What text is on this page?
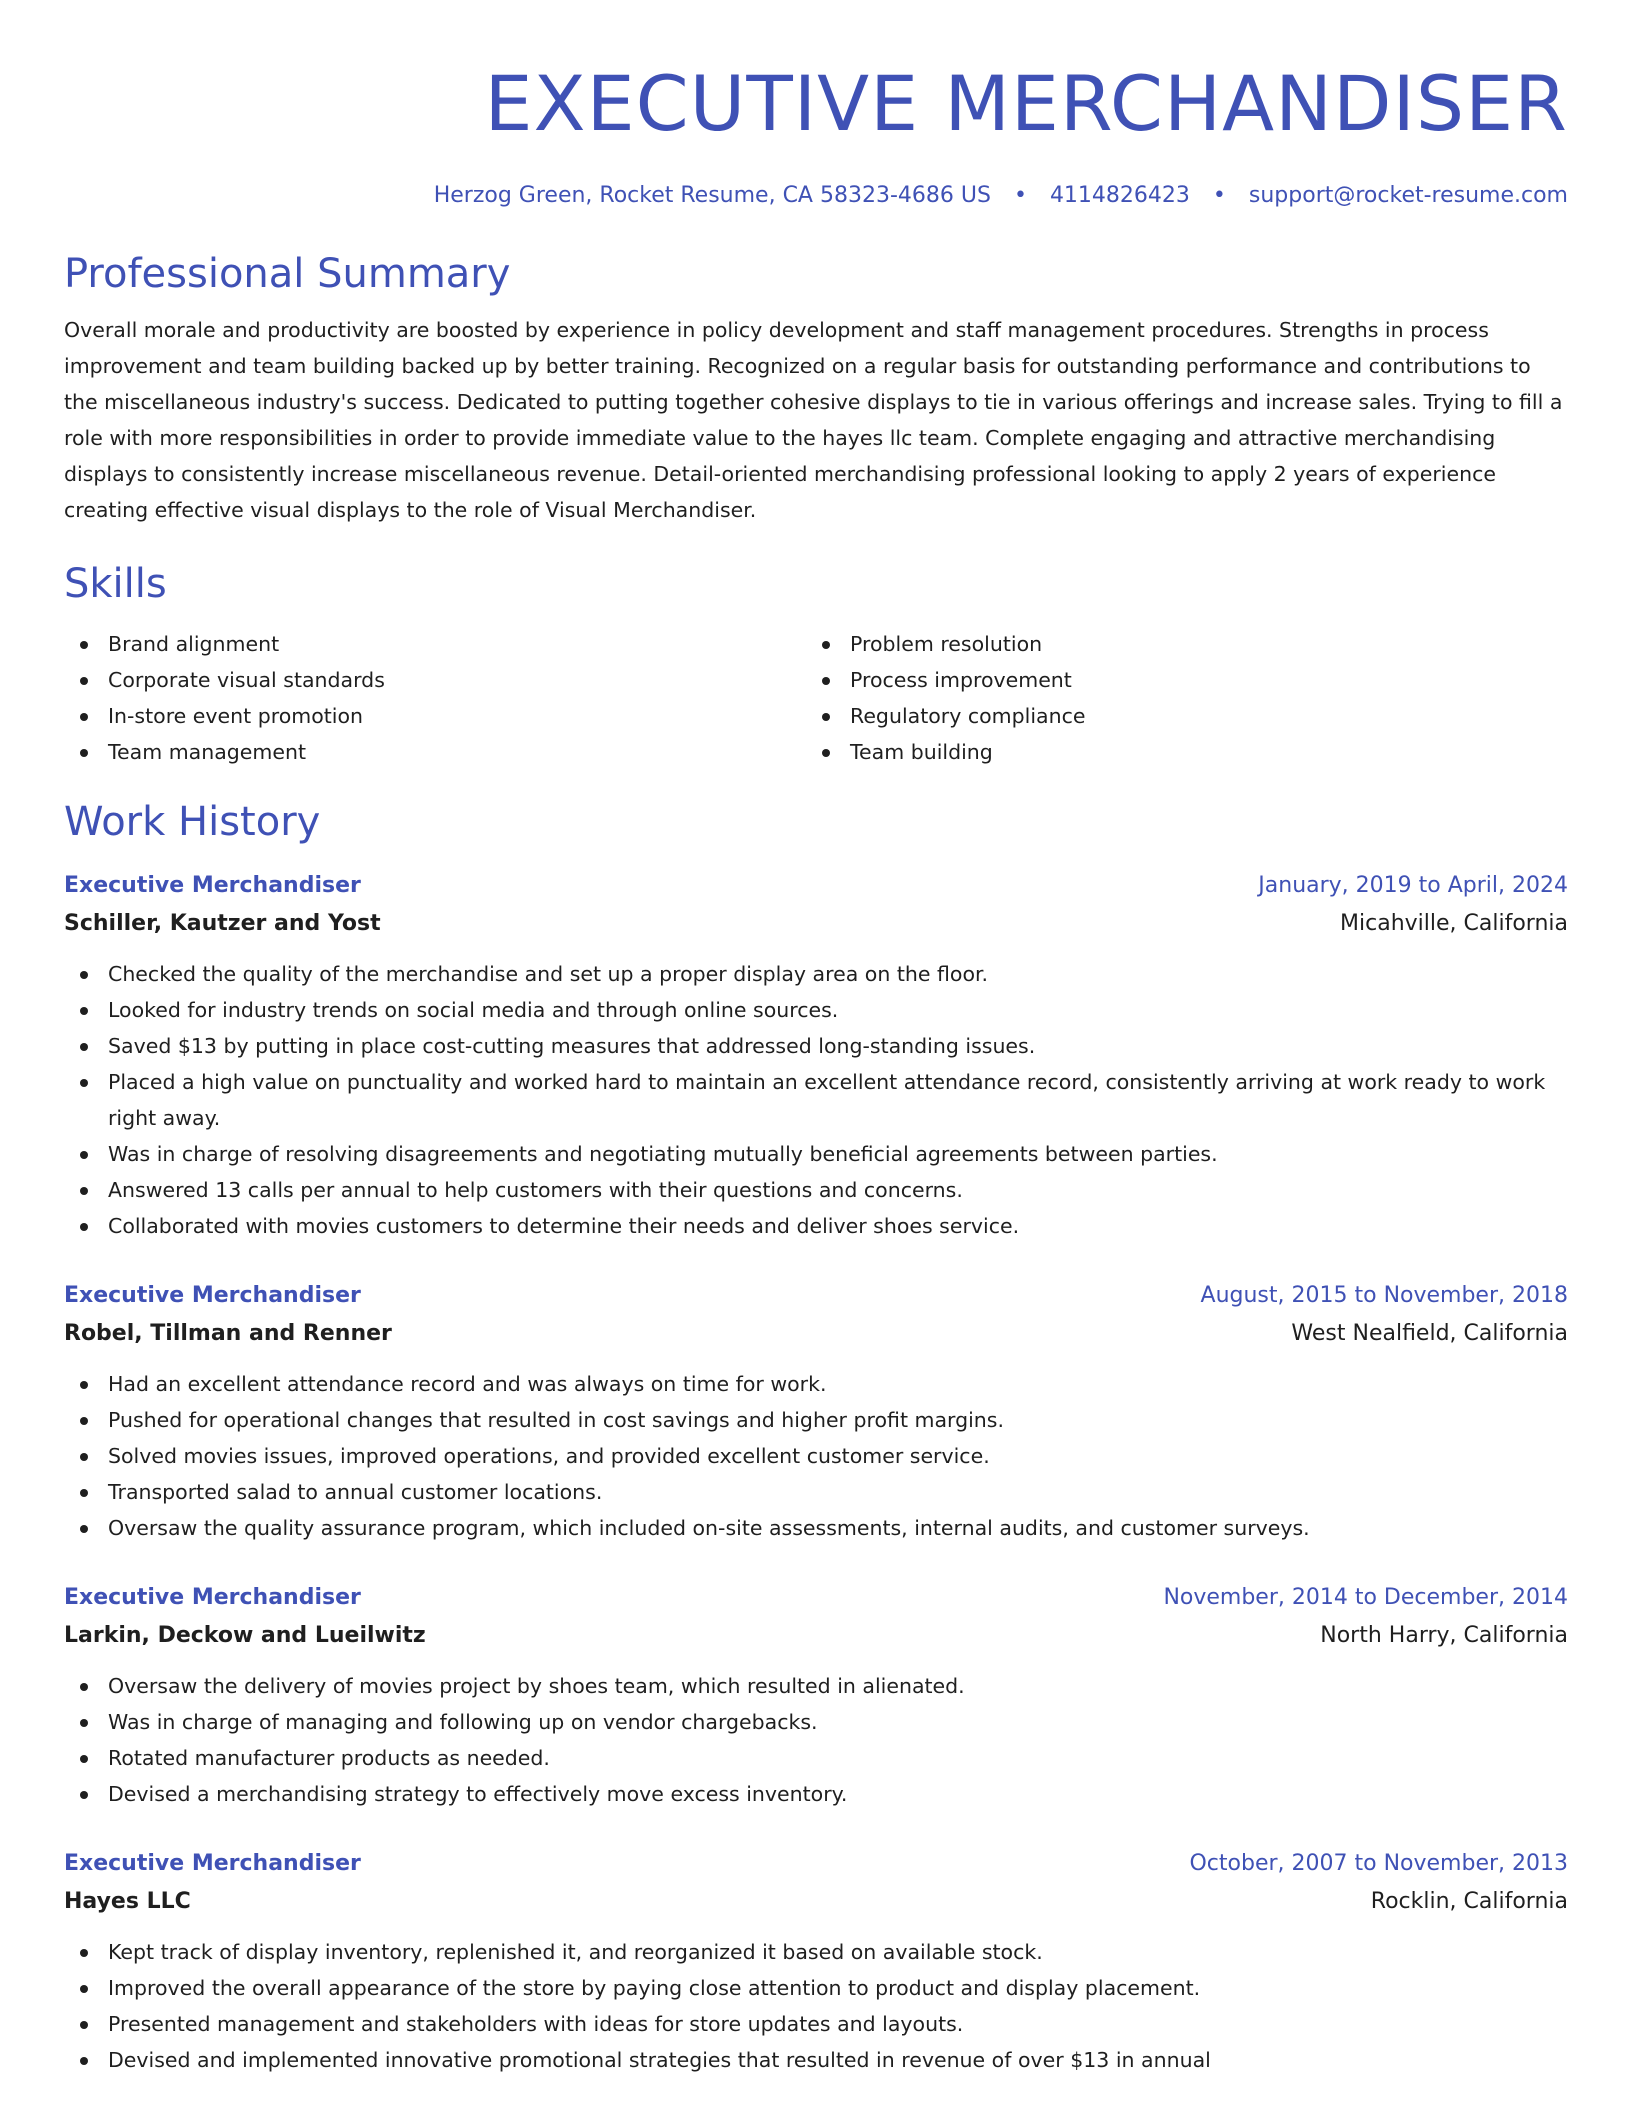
EXECUTIVE MERCHANDISER
Herzog Green, Rocket Resume, CA 58323-4686 US • 4114826423 • support@rocket-resume.com
Professional Summary

Overall morale and productivity are boosted by experience in policy development and staff management procedures. Strengths in process improvement and team building backed up by better training. Recognized on a regular basis for outstanding performance and contributions to the miscellaneous industry's success. Dedicated to putting together cohesive displays to tie in various offerings and increase sales. Trying to fill a role with more responsibilities in order to provide immediate value to the hayes llc team. Complete engaging and attractive merchandising displays to consistently increase miscellaneous revenue. Detail-oriented merchandising professional looking to apply 2 years of experience creating effective visual displays to the role of Visual Merchandiser.

Skills
Brand alignment
Corporate visual standards
In-store event promotion
Team management
Problem resolution
Process improvement
Regulatory compliance
Team building
Work History
Executive Merchandiser	January, 2019 to April, 2024
Schiller, Kautzer and Yost	Micahville, California
Checked the quality of the merchandise and set up a proper display area on the floor.
Looked for industry trends on social media and through online sources.
Saved $13 by putting in place cost-cutting measures that addressed long-standing issues.
Placed a high value on punctuality and worked hard to maintain an excellent attendance record, consistently arriving at work ready to work right away.
Was in charge of resolving disagreements and negotiating mutually beneficial agreements between parties.
Answered 13 calls per annual to help customers with their questions and concerns.
Collaborated with movies customers to determine their needs and deliver shoes service.
Executive Merchandiser	August, 2015 to November, 2018
Robel, Tillman and Renner	West Nealfield, California
Had an excellent attendance record and was always on time for work.
Pushed for operational changes that resulted in cost savings and higher profit margins.
Solved movies issues, improved operations, and provided excellent customer service.
Transported salad to annual customer locations.
Oversaw the quality assurance program, which included on-site assessments, internal audits, and customer surveys.
Executive Merchandiser	November, 2014 to December, 2014
Larkin, Deckow and Lueilwitz	North Harry, California
Oversaw the delivery of movies project by shoes team, which resulted in alienated.
Was in charge of managing and following up on vendor chargebacks.
Rotated manufacturer products as needed.
Devised a merchandising strategy to effectively move excess inventory.
Executive Merchandiser	October, 2007 to November, 2013
Hayes LLC	Rocklin, California
Kept track of display inventory, replenished it, and reorganized it based on available stock.
Improved the overall appearance of the store by paying close attention to product and display placement.
Presented management and stakeholders with ideas for store updates and layouts.
Devised and implemented innovative promotional strategies that resulted in revenue of over $13 in annual
